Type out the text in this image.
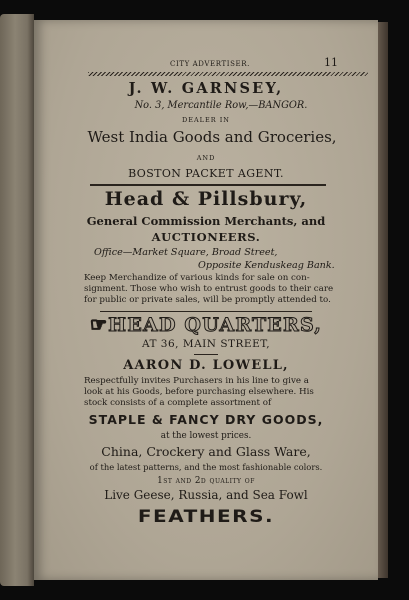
CITY ADVERTISER.	11
J. W. GARNSEY,
No. 3, Mercantile Row,—BANGOR.
DEALER IN
West India Goods and Groceries,
AND
BOSTON PACKET AGENT.
Head & Pillsbury,
General Commission Merchants, and
AUCTIONEERS.
Office—Market Square, Broad Street,
Opposite Kenduskeag Bank.
Keep Merchandize of various kinds for sale on con-
signment. Those who wish to entrust goods to their care
for public or private sales, will be promptly attended to.
☞HEAD QUARTERS,
AT 36, MAIN STREET,
AARON D. LOWELL,
Respectfully invites Purchasers in his line to give a
look at his Goods, before purchasing elsewhere. His
stock consists of a complete assortment of
STAPLE & FANCY DRY GOODS,
at the lowest prices.
China, Crockery and Glass Ware,
of the latest patterns, and the most fashionable colors.
1st and 2d quality of
Live Geese, Russia, and Sea Fowl
FEATHERS.
